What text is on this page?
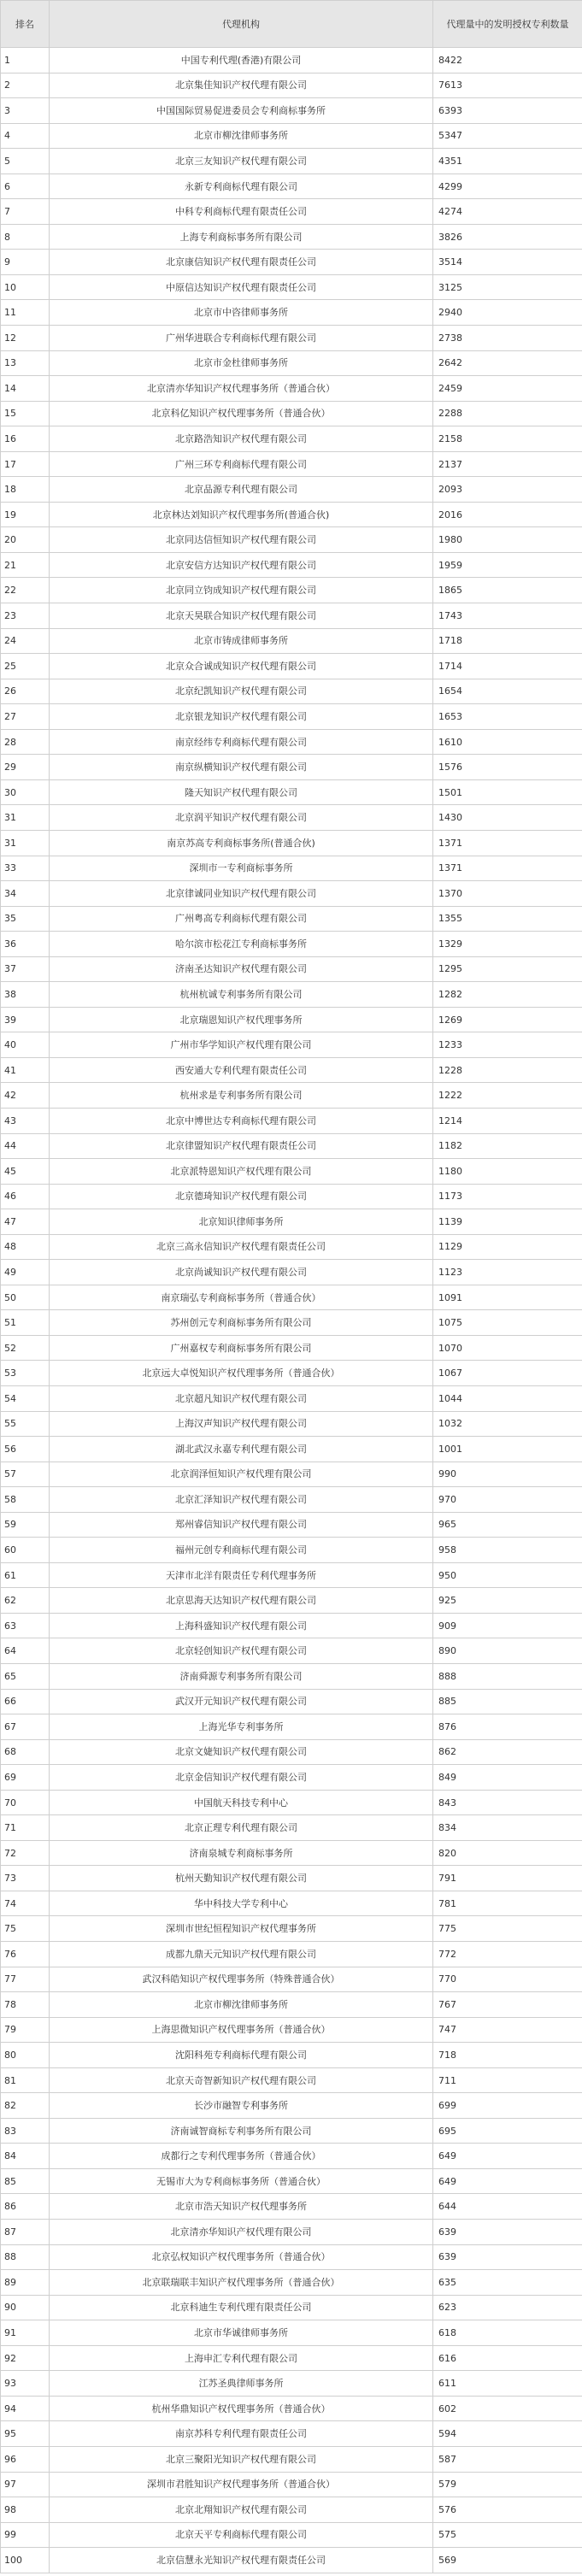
排名	代理机构	代理量中的发明授权专利数量
1	中国专利代理(香港)有限公司	8422
2	北京集佳知识产权代理有限公司	7613
3	中国国际贸易促进委员会专利商标事务所	6393
4	北京市柳沈律师事务所	5347
5	北京三友知识产权代理有限公司	4351
6	永新专利商标代理有限公司	4299
7	中科专利商标代理有限责任公司	4274
8	上海专利商标事务所有限公司	3826
9	北京康信知识产权代理有限责任公司	3514
10	中原信达知识产权代理有限责任公司	3125
11	北京市中咨律师事务所	2940
12	广州华进联合专利商标代理有限公司	2738
13	北京市金杜律师事务所	2642
14	北京清亦华知识产权代理事务所（普通合伙）	2459
15	北京科亿知识产权代理事务所（普通合伙）	2288
16	北京路浩知识产权代理有限公司	2158
17	广州三环专利商标代理有限公司	2137
18	北京品源专利代理有限公司	2093
19	北京林达刘知识产权代理事务所(普通合伙)	2016
20	北京同达信恒知识产权代理有限公司	1980
21	北京安信方达知识产权代理有限公司	1959
22	北京同立钧成知识产权代理有限公司	1865
23	北京天昊联合知识产权代理有限公司	1743
24	北京市铸成律师事务所	1718
25	北京众合诚成知识产权代理有限公司	1714
26	北京纪凯知识产权代理有限公司	1654
27	北京银龙知识产权代理有限公司	1653
28	南京经纬专利商标代理有限公司	1610
29	南京纵横知识产权代理有限公司	1576
30	隆天知识产权代理有限公司	1501
31	北京润平知识产权代理有限公司	1430
31	南京苏高专利商标事务所(普通合伙)	1371
33	深圳市一专利商标事务所	1371
34	北京律诚同业知识产权代理有限公司	1370
35	广州粤高专利商标代理有限公司	1355
36	哈尔滨市松花江专利商标事务所	1329
37	济南圣达知识产权代理有限公司	1295
38	杭州杭诚专利事务所有限公司	1282
39	北京瑞恩知识产权代理事务所	1269
40	广州市华学知识产权代理有限公司	1233
41	西安通大专利代理有限责任公司	1228
42	杭州求是专利事务所有限公司	1222
43	北京中博世达专利商标代理有限公司	1214
44	北京律盟知识产权代理有限责任公司	1182
45	北京派特恩知识产权代理有限公司	1180
46	北京德琦知识产权代理有限公司	1173
47	北京知识律师事务所	1139
48	北京三高永信知识产权代理有限责任公司	1129
49	北京尚诚知识产权代理有限公司	1123
50	南京瑞弘专利商标事务所（普通合伙）	1091
51	苏州创元专利商标事务所有限公司	1075
52	广州嘉权专利商标事务所有限公司	1070
53	北京远大卓悦知识产权代理事务所（普通合伙）	1067
54	北京超凡知识产权代理有限公司	1044
55	上海汉声知识产权代理有限公司	1032
56	湖北武汉永嘉专利代理有限公司	1001
57	北京润泽恒知识产权代理有限公司	990
58	北京汇泽知识产权代理有限公司	970
59	郑州睿信知识产权代理有限公司	965
60	福州元创专利商标代理有限公司	958
61	天津市北洋有限责任专利代理事务所	950
62	北京思海天达知识产权代理有限公司	925
63	上海科盛知识产权代理有限公司	909
64	北京轻创知识产权代理有限公司	890
65	济南舜源专利事务所有限公司	888
66	武汉开元知识产权代理有限公司	885
67	上海光华专利事务所	876
68	北京文婕知识产权代理有限公司	862
69	北京金信知识产权代理有限公司	849
70	中国航天科技专利中心	843
71	北京正理专利代理有限公司	834
72	济南泉城专利商标事务所	820
73	杭州天勤知识产权代理有限公司	791
74	华中科技大学专利中心	781
75	深圳市世纪恒程知识产权代理事务所	775
76	成都九鼎天元知识产权代理有限公司	772
77	武汉科皓知识产权代理事务所（特殊普通合伙）	770
78	北京市柳沈律师事务所	767
79	上海思微知识产权代理事务所（普通合伙）	747
80	沈阳科苑专利商标代理有限公司	718
81	北京天奇智新知识产权代理有限公司	711
82	长沙市融智专利事务所	699
83	济南诚智商标专利事务所有限公司	695
84	成都行之专利代理事务所（普通合伙）	649
85	无锡市大为专利商标事务所（普通合伙）	649
86	北京市浩天知识产权代理事务所	644
87	北京清亦华知识产权代理有限公司	639
88	北京弘权知识产权代理事务所（普通合伙）	639
89	北京联瑞联丰知识产权代理事务所（普通合伙）	635
90	北京科迪生专利代理有限责任公司	623
91	北京市华诚律师事务所	618
92	上海申汇专利代理有限公司	616
93	江苏圣典律师事务所	611
94	杭州华鼎知识产权代理事务所（普通合伙）	602
95	南京苏科专利代理有限责任公司	594
96	北京三聚阳光知识产权代理有限公司	587
97	深圳市君胜知识产权代理事务所（普通合伙）	579
98	北京北翔知识产权代理有限公司	576
99	北京天平专利商标代理有限公司	575
100	北京信慧永光知识产权代理有限责任公司	569
